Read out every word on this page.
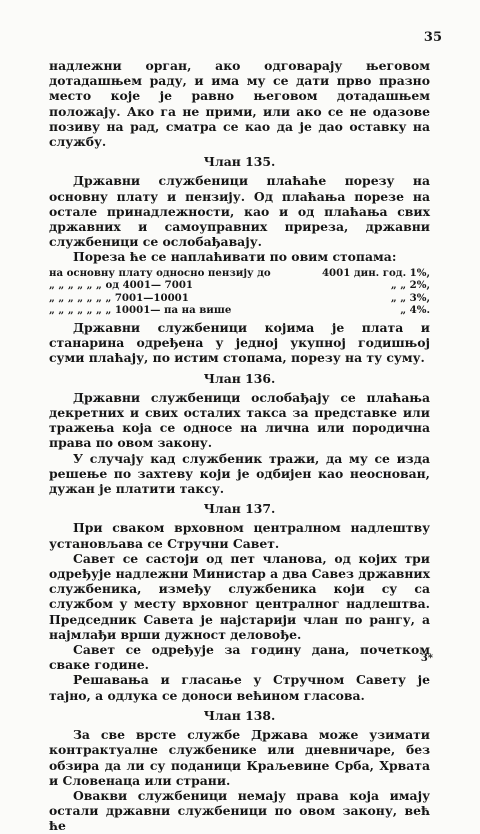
35

надлежни орган, ако одговарају његовом дотадашњем раду, и има му се дати прво празно место које је равно његовом дотадашњем положају. Ако га не прими, или ако се не одазове позиву на рад, сматра се као да је дао оставку на службу.

Члан 135.

Државни службеници плаћаће порезу на основну плату и пензију. Од плаћања порезе на остале принадлежности, као и од плаћања свих државних и самоуправних приреза, државни службеници се ослобађавају.

Пореза ће се наплаћивати по овим стопама:

на основну плату односно пензију до	4001 дин. год. 1%,
„ „ „ „ „ „ од 4001— 7001	„ „ 2%,
„ „ „ „ „ „ „ 7001—10001	„ „ 3%,
„ „ „ „ „ „ „ 10001— па на више	„ 4%.

Државни службеници којима је плата и станарина одређена у једној укупној годишњој суми плаћају, по истим стопама, порезу на ту суму.

Члан 136.

Државни службеници ослобађају се плаћања декретних и свих осталих такса за представке или тражења која се односе на лична или породична права по овом закону.

У случају кад службеник тражи, да му се изда решење по захтеву који је одбијен као неоснован, дужан је платити таксу.

Члан 137.

При сваком врховном централном надлештву установљава се Стручни Савет.

Савет се састоји од пет чланова, од којих три одређује надлежни Министар а два Савез државних службеника, између службеника који су са службом у месту врховног централног надлештва. Председник Савета је најстарији члан по рангу, а најмлађи врши дужност деловође.

Савет се одређује за годину дана, почетком сваке године.

Решавања и гласање у Стручном Савету је тајно, а одлука се доноси већином гласова.

Члан 138.

За све врсте службе Држава може узимати контрактуалне службенике или дневничаре, без обзира да ли су поданици Краљевине Срба, Хрвата и Словенаца или страни.

Овакви службеници немају права која имају остали државни службеници по овом закону, већ ће

3*
